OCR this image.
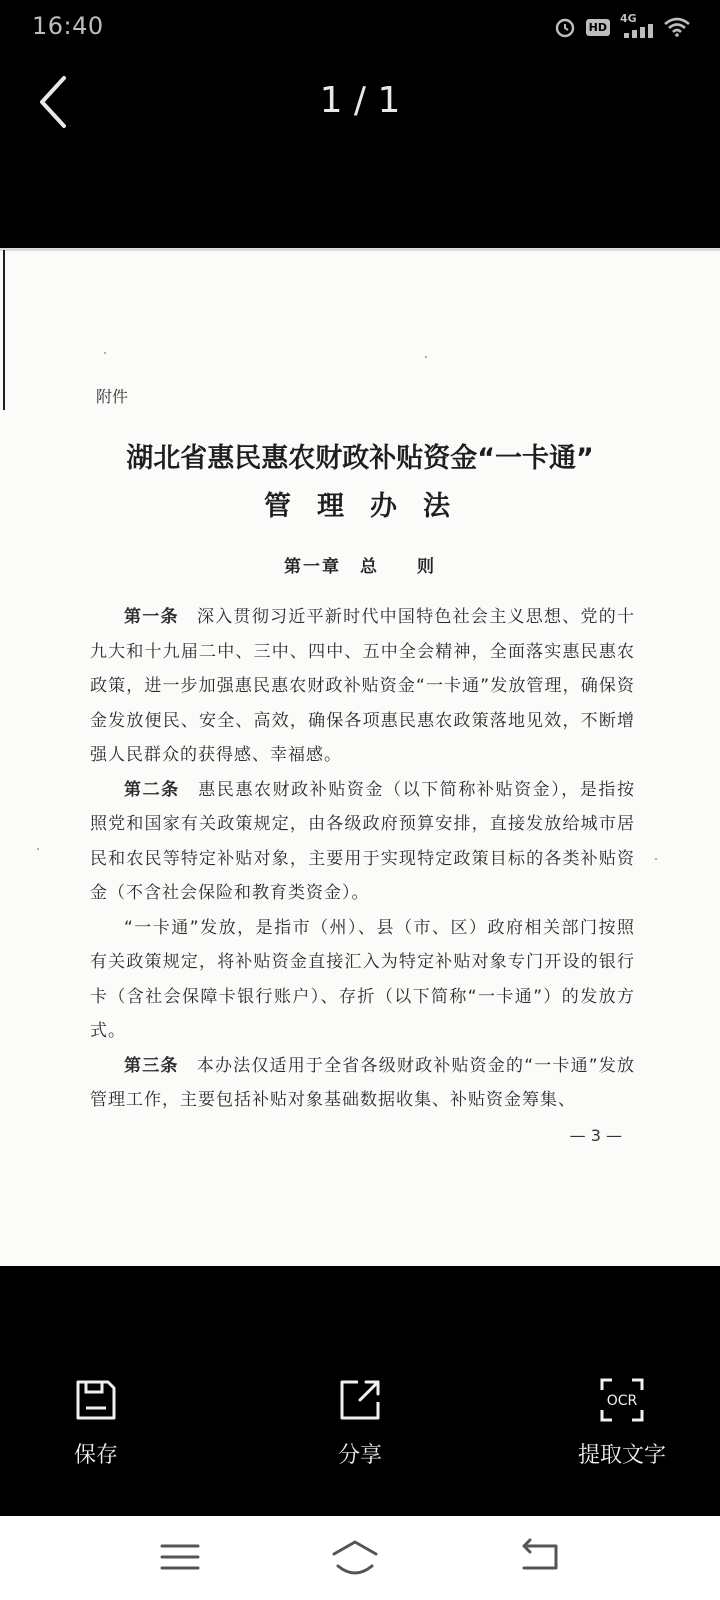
16:40	HD
4G
1 / 1
附件
湖北省惠民惠农财政补贴资金“一卡通”
管理办法
第一章　总　　则

第一条　深入贯彻习近平新时代中国特色社会主义思想、党的十九大和十九届二中、三中、四中、五中全会精神，全面落实惠民惠农政策，进一步加强惠民惠农财政补贴资金“一卡通”发放管理，确保资金发放便民、安全、高效，确保各项惠民惠农政策落地见效，不断增强人民群众的获得感、幸福感。

第二条　惠民惠农财政补贴资金（以下简称补贴资金），是指按照党和国家有关政策规定，由各级政府预算安排，直接发放给城市居民和农民等特定补贴对象，主要用于实现特定政策目标的各类补贴资金（不含社会保险和教育类资金）。

“一卡通”发放，是指市（州）、县（市、区）政府相关部门按照有关政策规定，将补贴资金直接汇入为特定补贴对象专门开设的银行卡（含社会保障卡银行账户）、存折（以下简称“一卡通”）的发放方式。

第三条　本办法仅适用于全省各级财政补贴资金的“一卡通”发放管理工作，主要包括补贴对象基础数据收集、补贴资金筹集、

— 3 —
保存	分享
OCR
提取文字
